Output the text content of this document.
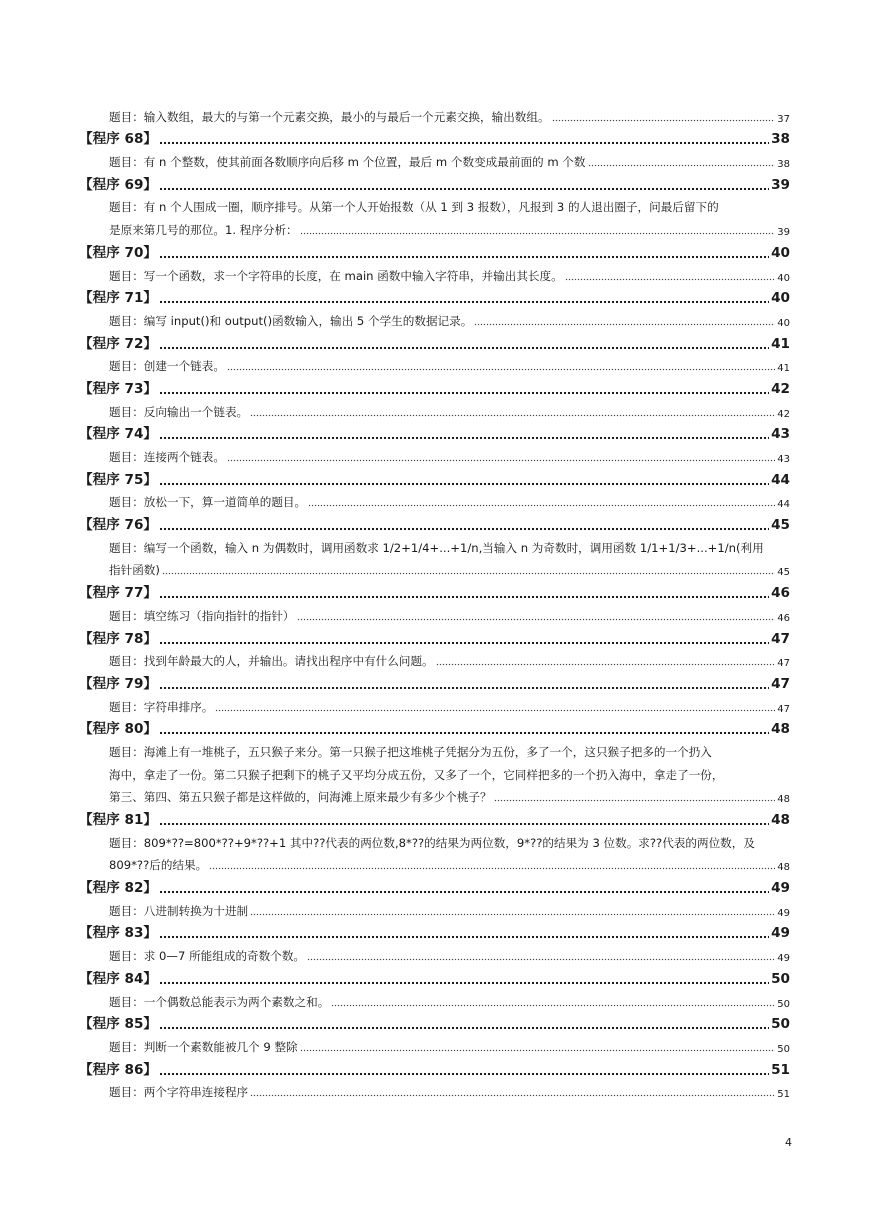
题目：输入数组，最大的与第一个元素交换，最小的与最后一个元素交换，输出数组。	37
【程序 68】	38
题目：有 n 个整数，使其前面各数顺序向后移 m 个位置，最后 m 个数变成最前面的 m 个数	38
【程序 69】	39
题目：有 n 个人围成一圈，顺序排号。从第一个人开始报数（从 1 到 3 报数），凡报到 3 的人退出圈子，问最后留下的
是原来第几号的那位。1. 程序分析：	39
【程序 70】	40
题目：写一个函数，求一个字符串的长度，在 main 函数中输入字符串，并输出其长度。	40
【程序 71】	40
题目：编写 input()和 output()函数输入，输出 5 个学生的数据记录。	40
【程序 72】	41
题目：创建一个链表。	41
【程序 73】	42
题目：反向输出一个链表。	42
【程序 74】	43
题目：连接两个链表。	43
【程序 75】	44
题目：放松一下，算一道简单的题目。	44
【程序 76】	45
题目：编写一个函数，输入 n 为偶数时，调用函数求 1/2+1/4+...+1/n,当输入 n 为奇数时，调用函数 1/1+1/3+...+1/n(利用
指针函数)	45
【程序 77】	46
题目：填空练习（指向指针的指针）	46
【程序 78】	47
题目：找到年龄最大的人，并输出。请找出程序中有什么问题。	47
【程序 79】	47
题目：字符串排序。	47
【程序 80】	48
题目：海滩上有一堆桃子，五只猴子来分。第一只猴子把这堆桃子凭据分为五份，多了一个，这只猴子把多的一个扔入
海中，拿走了一份。第二只猴子把剩下的桃子又平均分成五份，又多了一个，它同样把多的一个扔入海中，拿走了一份，
第三、第四、第五只猴子都是这样做的，问海滩上原来最少有多少个桃子？	48
【程序 81】	48
题目：809*??=800*??+9*??+1 其中??代表的两位数,8*??的结果为两位数，9*??的结果为 3 位数。求??代表的两位数，及
809*??后的结果。	48
【程序 82】	49
题目：八进制转换为十进制	49
【程序 83】	49
题目：求 0—7 所能组成的奇数个数。	49
【程序 84】	50
题目：一个偶数总能表示为两个素数之和。	50
【程序 85】	50
题目：判断一个素数能被几个 9 整除	50
【程序 86】	51
题目：两个字符串连接程序	51
4
